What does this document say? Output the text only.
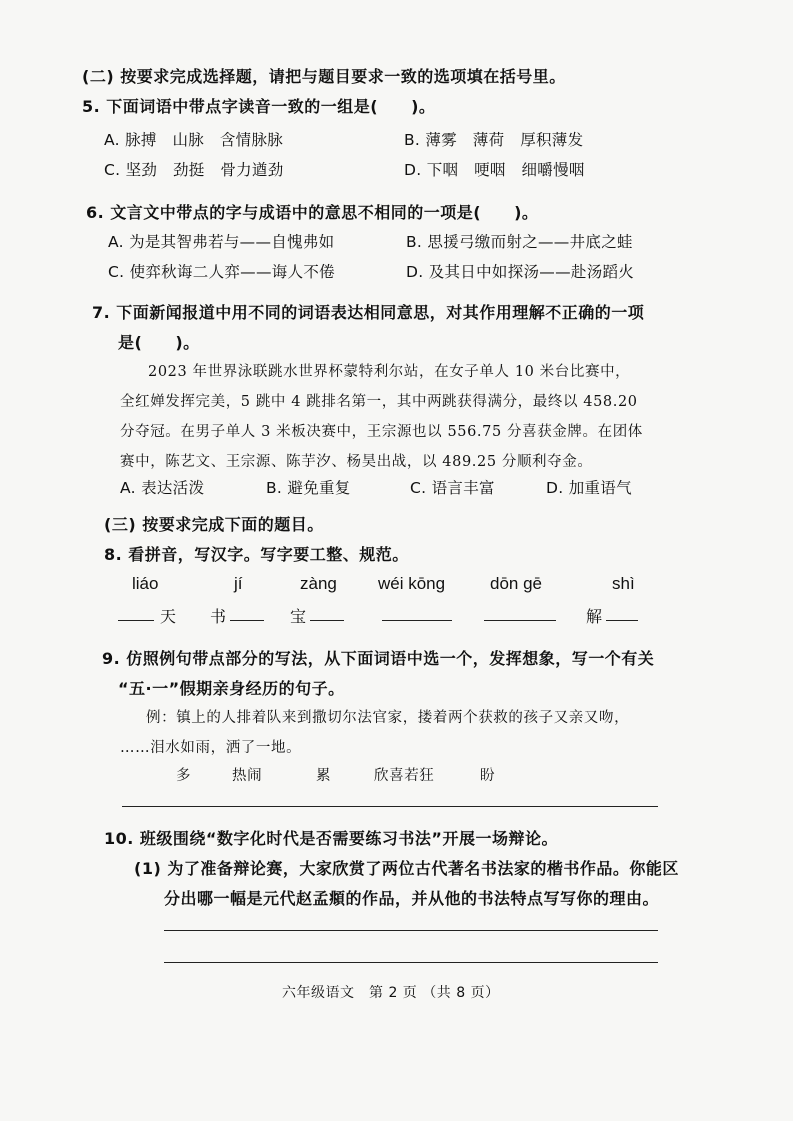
(二) 按要求完成选择题，请把与题目要求一致的选项填在括号里。
5. 下面词语中带点字读音一致的一组是(　　)。
A. 脉搏　山脉　含情脉脉	B. 薄雾　薄荷　厚积薄发
C. 坚劲　劲挺　骨力遒劲	D. 下咽　哽咽　细嚼慢咽
6. 文言文中带点的字与成语中的意思不相同的一项是(　　)。
A. 为是其智弗若与——自愧弗如	B. 思援弓缴而射之——井底之蛙
C. 使弈秋诲二人弈——诲人不倦	D. 及其日中如探汤——赴汤蹈火
7. 下面新闻报道中用不同的词语表达相同意思，对其作用理解不正确的一项
是(　　)。
2023 年世界泳联跳水世界杯蒙特利尔站，在女子单人 10 米台比赛中，
全红婵发挥完美，5 跳中 4 跳排名第一，其中两跳获得满分，最终以 458.20
分夺冠。在男子单人 3 米板决赛中，王宗源也以 556.75 分喜获金牌。在团体
赛中，陈艺文、王宗源、陈芋汐、杨昊出战，以 489.25 分顺利夺金。
A. 表达活泼	B. 避免重复	C. 语言丰富	D. 加重语气
(三) 按要求完成下面的题目。
8. 看拼音，写汉字。写字要工整、规范。
liáo	jí	zàng wéi kōng	dōn gē	shì
天 书	宝	解
9. 仿照例句带点部分的写法，从下面词语中选一个，发挥想象，写一个有关
“五·一”假期亲身经历的句子。
例：镇上的人排着队来到撒切尔法官家，搂着两个获救的孩子又亲又吻，
……泪水如雨，洒了一地。
多	热闹	累	欣喜若狂	盼
10. 班级围绕“数字化时代是否需要练习书法”开展一场辩论。
(1) 为了准备辩论赛，大家欣赏了两位古代著名书法家的楷书作品。你能区
分出哪一幅是元代赵孟頫的作品，并从他的书法特点写写你的理由。
六年级语文　第 2 页 （共 8 页）
